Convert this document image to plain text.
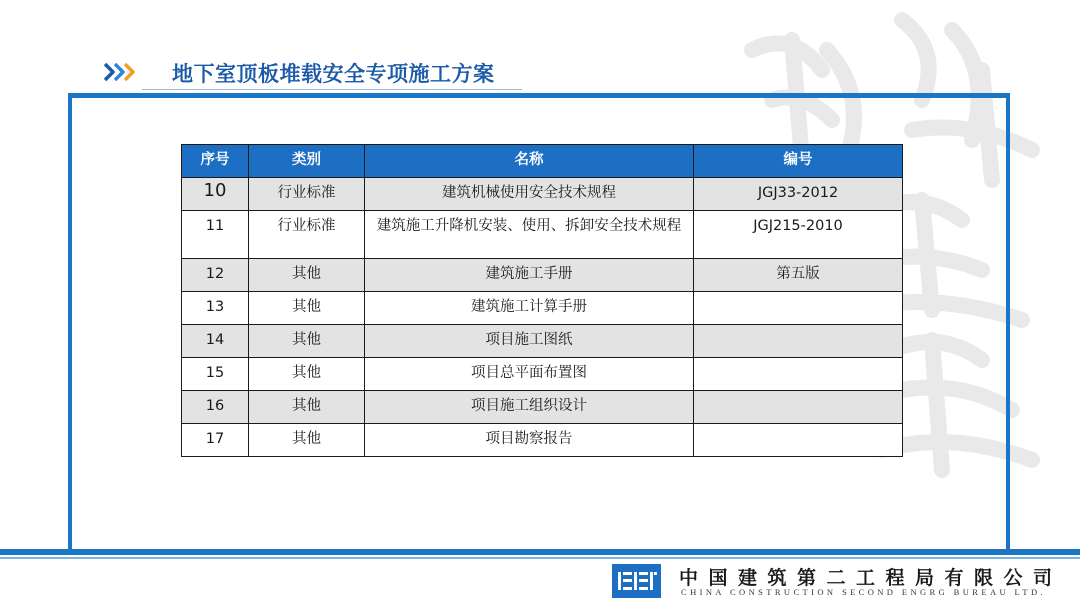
地下室顶板堆载安全专项施工方案
序号	类别	名称	编号
10	行业标准	建筑机械使用安全技术规程	JGJ33-2012
11	行业标准	建筑施工升降机安装、使用、拆卸安全技术规程	JGJ215-2010
12	其他	建筑施工手册	第五版
13	其他	建筑施工计算手册	
14	其他	项目施工图纸	
15	其他	项目总平面布置图	
16	其他	项目施工组织设计	
17	其他	项目勘察报告	
中国建筑第二工程局有限公司
CHINA CONSTRUCTION SECOND ENGRG BUREAU LTD.
